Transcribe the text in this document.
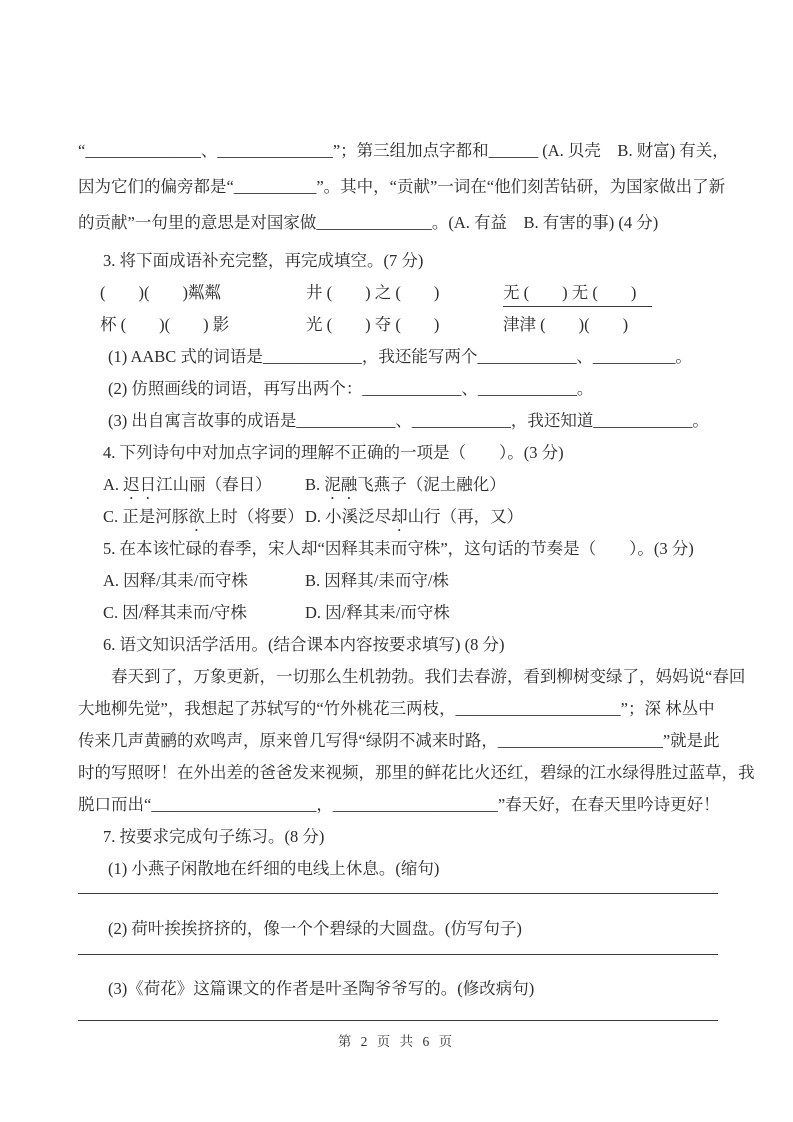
“______________、______________”；第三组加点字都和______ (A. 贝壳　B. 财富) 有关，
因为它们的偏旁都是“__________”。其中，“贡献”一词在“他们刻苦钻研，为国家做出了新
的贡献”一句里的意思是对国家做______________。(A. 有益　B. 有害的事) (4 分)
3. 将下面成语补充完整，再完成填空。(7 分)
(　　)(　　)粼粼	井 (　　) 之 (　　)	无 (　　) 无 (　　)
杯 (　　)(　　) 影	光 (　　) 夺 (　　)	津津 (　　)(　　)
(1) AABC 式的词语是____________，我还能写两个____________、__________。
(2) 仿照画线的词语，再写出两个：____________、____________。
(3) 出自寓言故事的成语是____________、____________，我还知道____________。
4. 下列诗句中对加点字词的理解不正确的一项是（　　）。(3 分)
A. 迟日江山丽（春日） B. 泥融飞燕子（泥土融化）
C. 正是河豚欲上时（将要） D. 小溪泛尽却山行（再，又）
5. 在本该忙碌的春季，宋人却“因释其耒而守株”，这句话的节奏是（　　）。(3 分)
A. 因释/其耒/而守株	B. 因释其/耒而守/株
C. 因/释其耒而/守株	D. 因/释其耒/而守株
6. 语文知识活学活用。(结合课本内容按要求填写) (8 分)
春天到了，万象更新，一切那么生机勃勃。我们去春游，看到柳树变绿了，妈妈说“春回
大地柳先觉”，我想起了苏轼写的“竹外桃花三两枝，____________________”；深 林丛中
传来几声黄鹂的欢鸣声，原来曾几写得“绿阴不减来时路，____________________”就是此
时的写照呀！在外出差的爸爸发来视频，那里的鲜花比火还红，碧绿的江水绿得胜过蓝草，我
脱口而出“____________________，____________________”春天好，在春天里吟诗更好！
7. 按要求完成句子练习。(8 分)
(1) 小燕子闲散地在纤细的电线上休息。(缩句)
(2) 荷叶挨挨挤挤的，像一个个碧绿的大圆盘。(仿写句子)
(3)《荷花》这篇课文的作者是叶圣陶爷爷写的。(修改病句)
第 2 页 共 6 页
